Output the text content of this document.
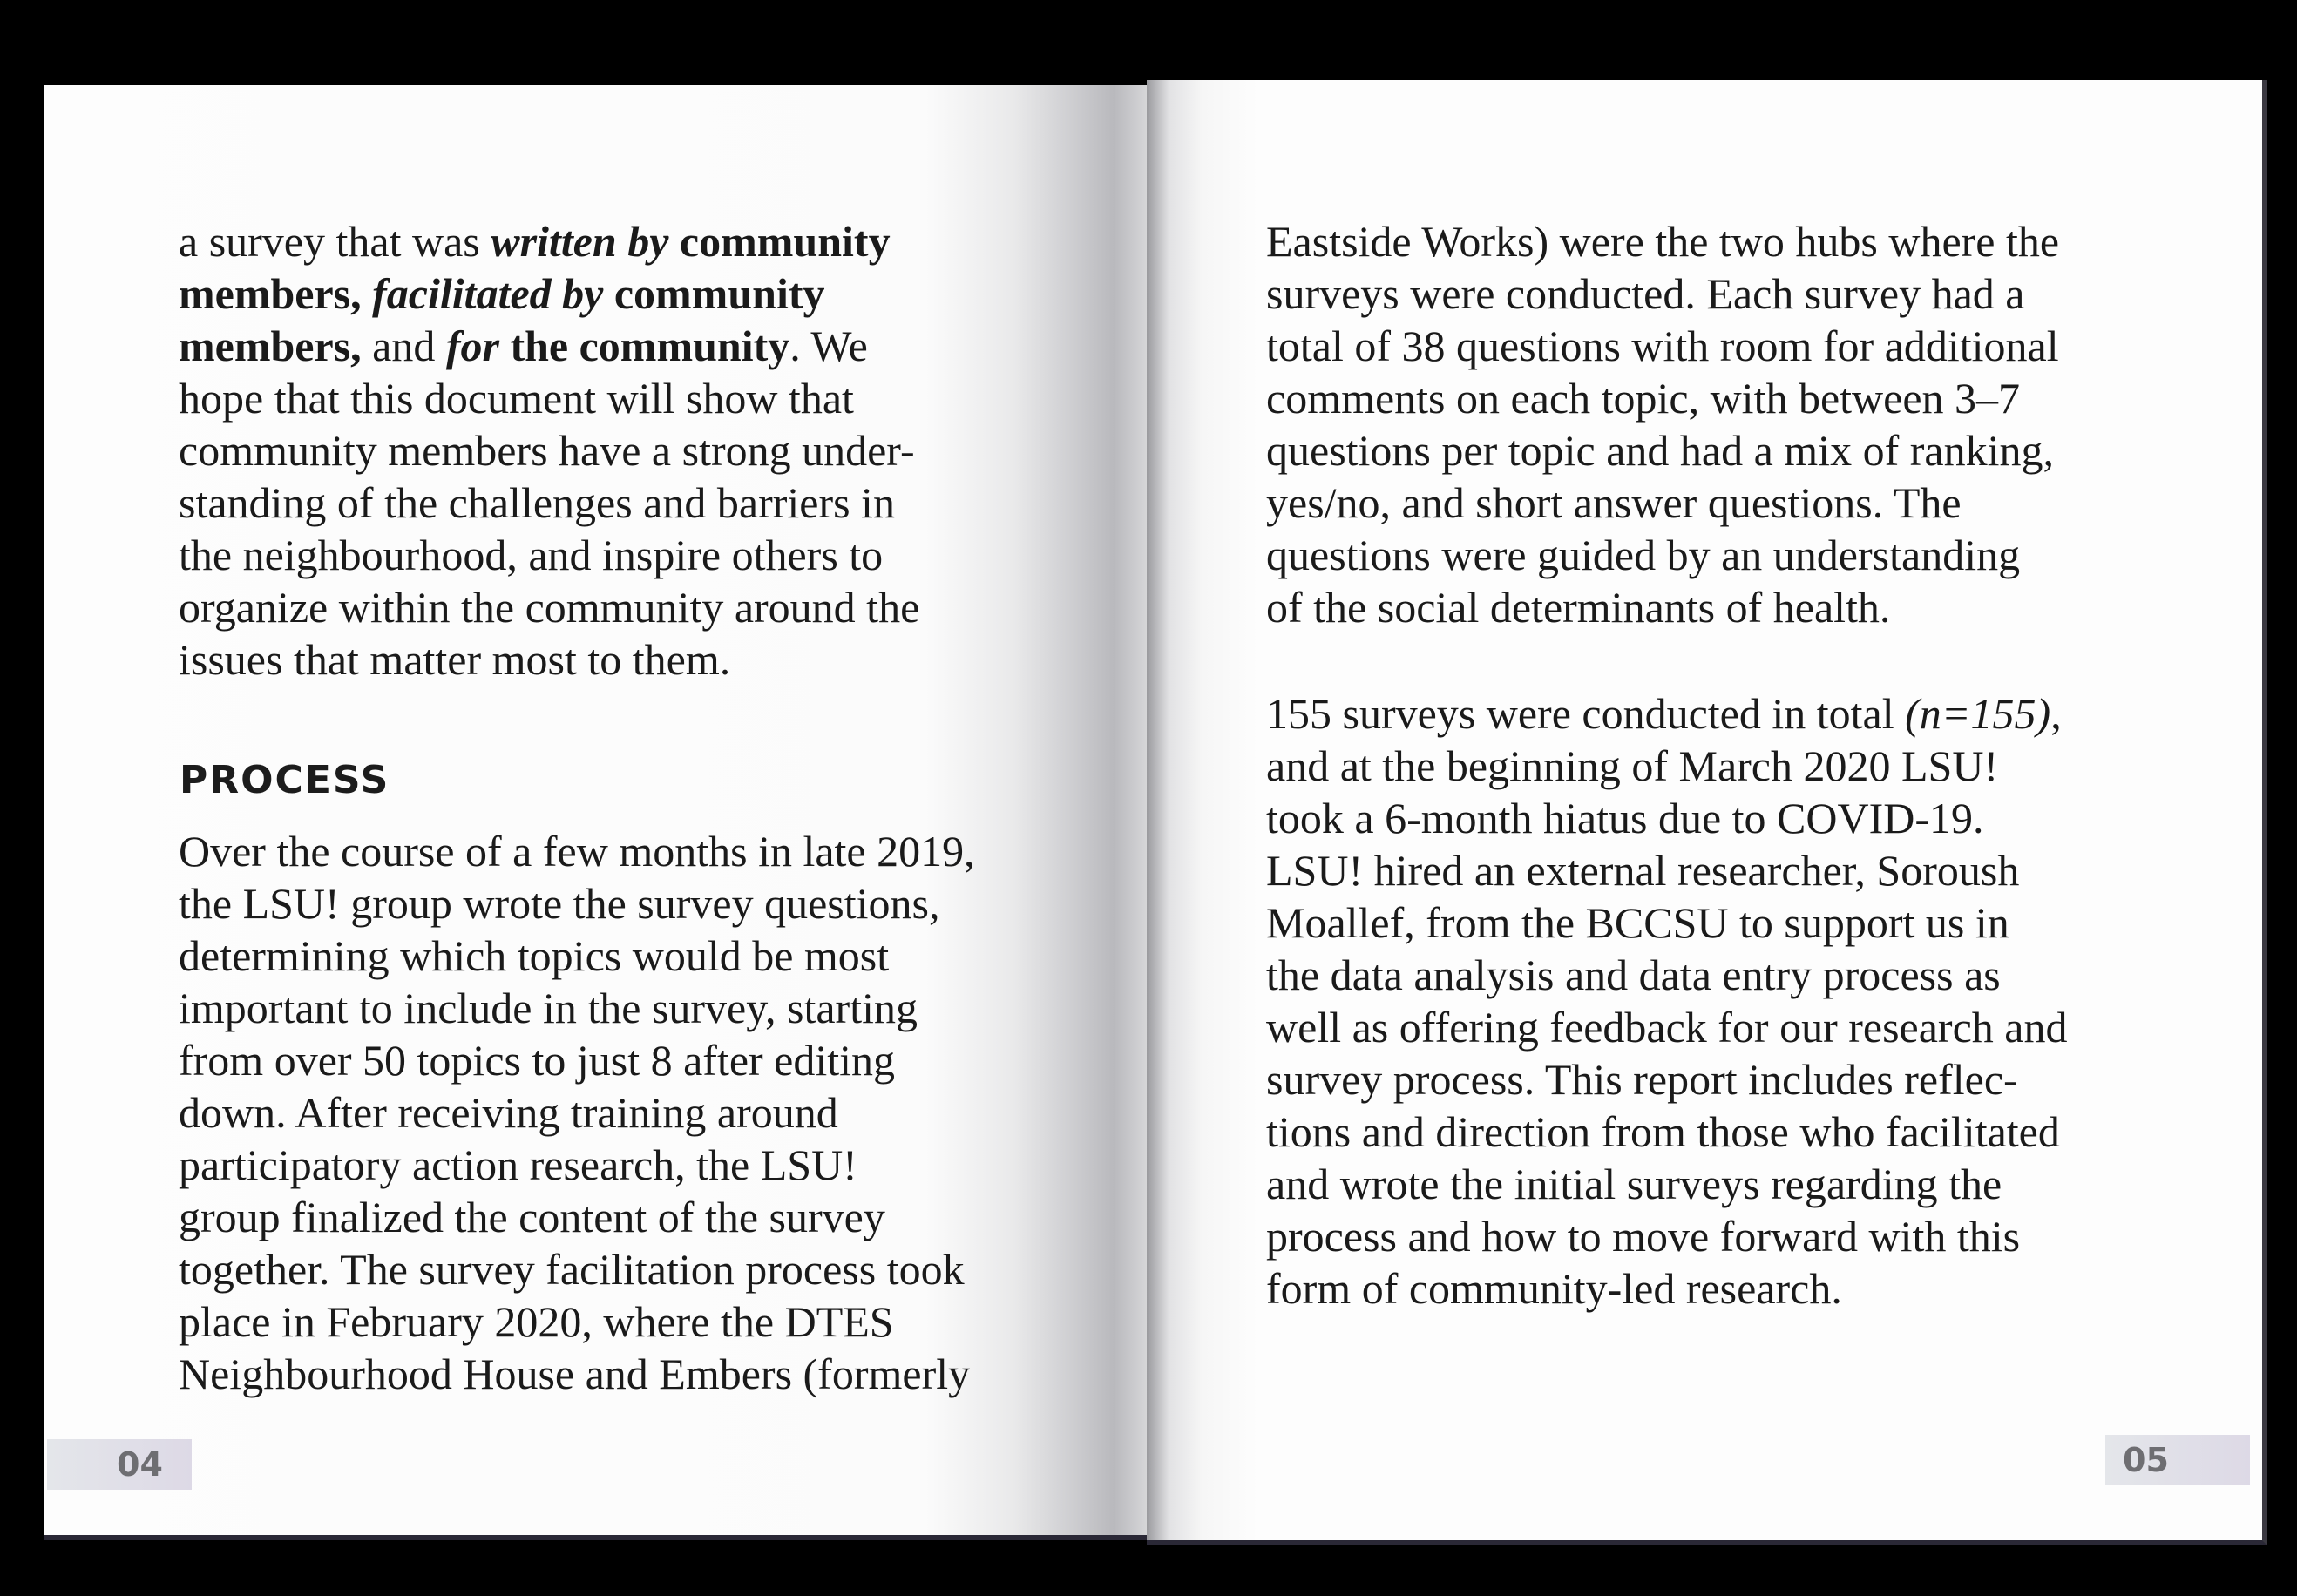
a survey that was written by community
members, facilitated by community
members, and for the community. We
hope that this document will show that
community members have a strong under-
standing of the challenges and barriers in
the neighbourhood, and inspire others to
organize within the community around the
issues that matter most to them.
PROCESS
Over the course of a few months in late 2019,
the LSU! group wrote the survey questions,
determining which topics would be most
important to include in the survey, starting
from over 50 topics to just 8 after editing
down. After receiving training around
participatory action research, the LSU!
group finalized the content of the survey
together. The survey facilitation process took
place in February 2020, where the DTES
Neighbourhood House and Embers (formerly
04
Eastside Works) were the two hubs where the
surveys were conducted. Each survey had a
total of 38 questions with room for additional
comments on each topic, with between 3–7
questions per topic and had a mix of ranking,
yes/no, and short answer questions. The
questions were guided by an understanding
of the social determinants of health.
155 surveys were conducted in total (n=155),
and at the beginning of March 2020 LSU!
took a 6-month hiatus due to COVID-19.
LSU! hired an external researcher, Soroush
Moallef, from the BCCSU to support us in
the data analysis and data entry process as
well as offering feedback for our research and
survey process. This report includes reflec-
tions and direction from those who facilitated
and wrote the initial surveys regarding the
process and how to move forward with this
form of community-led research.
05
